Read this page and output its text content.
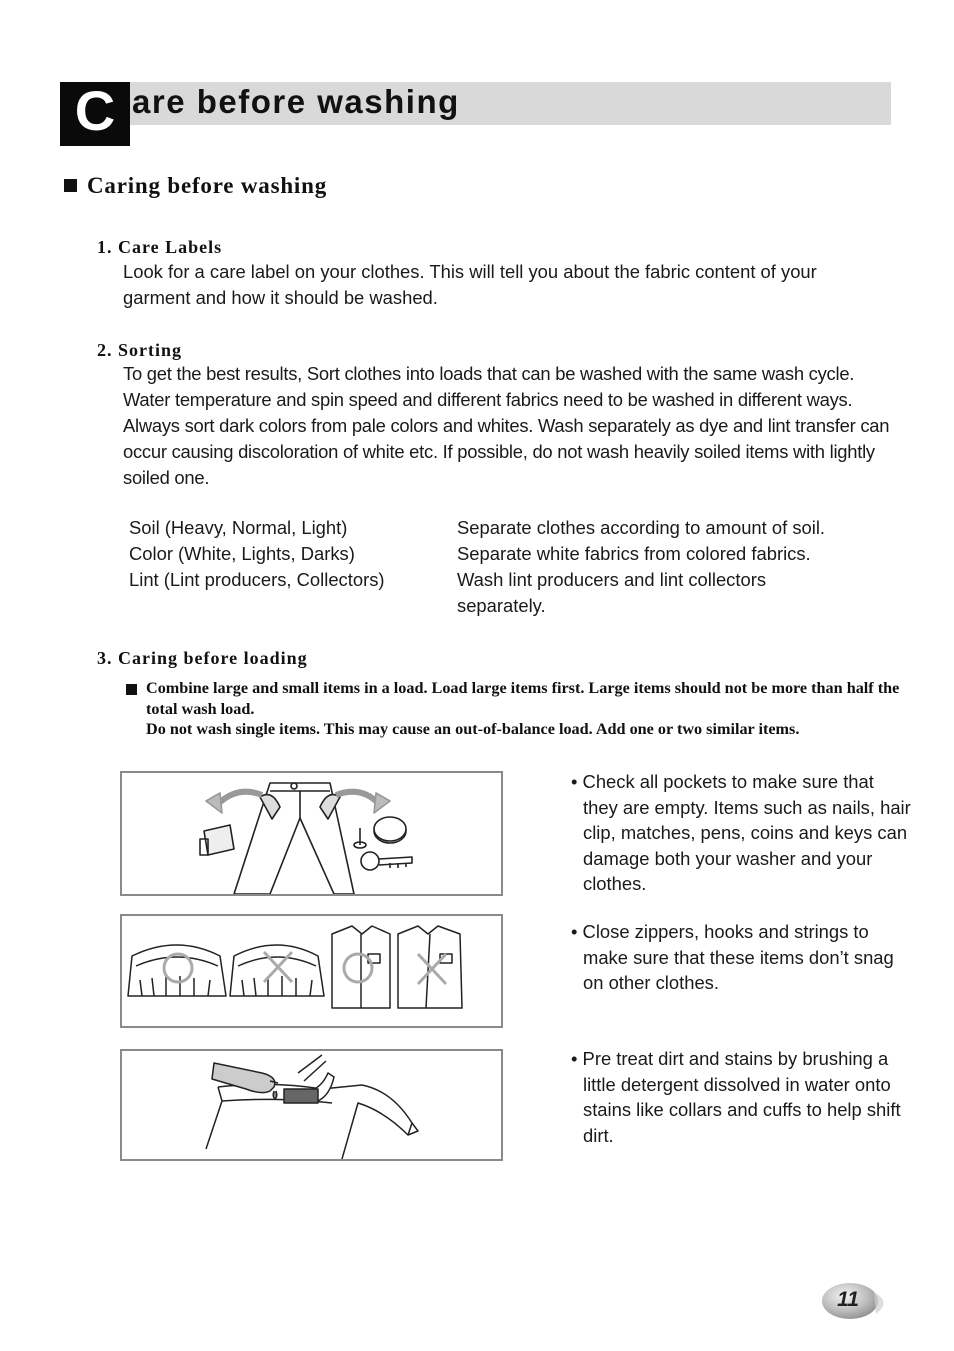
C are before washing
Caring before washing
1. Care Labels

Look for a care label on your clothes. This will tell you about the fabric content of your garment and how it should be washed.

2. Sorting

To get the best results, Sort clothes into loads that can be washed with the same wash cycle. Water temperature and spin speed and different fabrics need to be washed in different ways. Always sort dark colors from pale colors and whites. Wash separately as dye and lint transfer can occur causing discoloration of white etc. If possible, do not wash heavily soiled items with lightly soiled one.

Soil (Heavy, Normal, Light)	Separate clothes according to amount of soil.
Color (White, Lights, Darks)	Separate white fabrics from colored fabrics.
Lint (Lint producers, Collectors)	Wash lint producers and lint collectors separately.
3. Caring before loading
Combine large and small items in a load. Load large items first. Large items should not be more than half the total wash load.
Do not wash single items. This may cause an out-of-balance load. Add one or two similar items.

• Check all pockets to make sure that they are empty. Items such as nails, hair clip, matches, pens, coins and keys can damage both your washer and your clothes.

• Close zippers, hooks and strings to make sure that these items don’t snag on other clothes.

• Pre treat dirt and stains by brushing a little detergent dissolved in water onto stains like collars and cuffs to help shift dirt.

11
